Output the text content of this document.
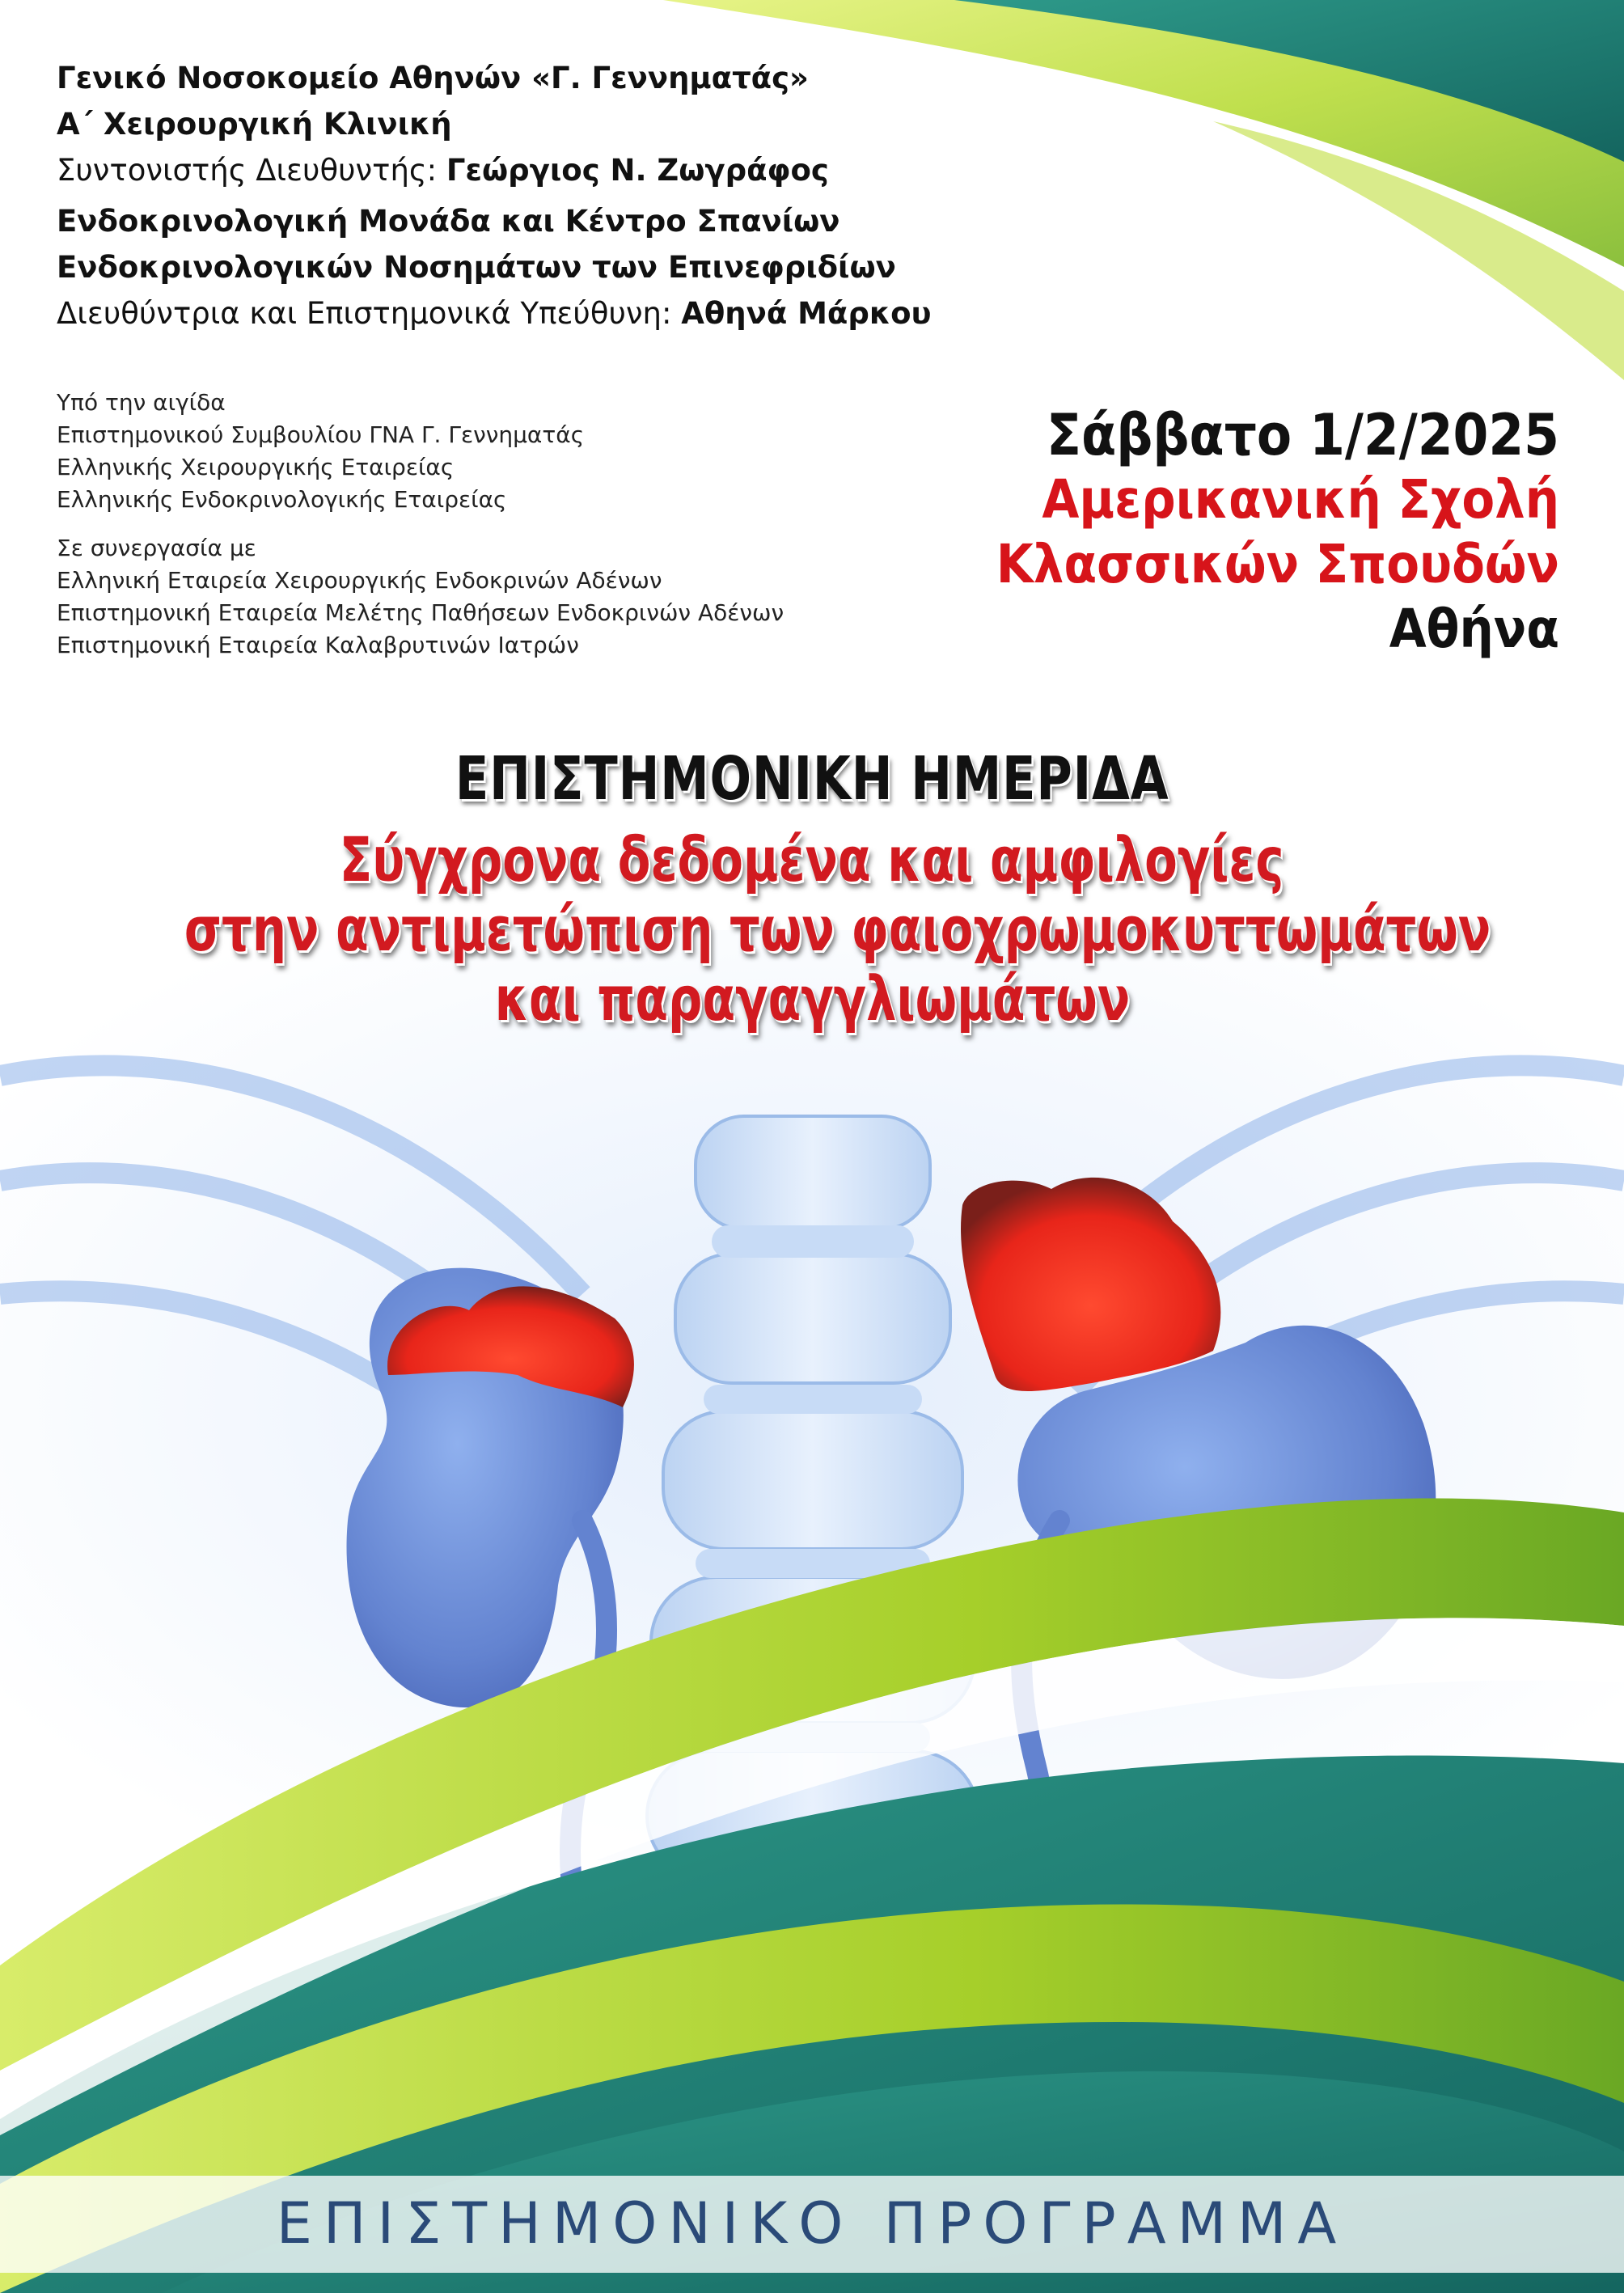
Γενικό Νοσοκομείο Αθηνών «Γ. Γεννηματάς»
Α΄ Χειρουργική Κλινική
Συντονιστής Διευθυντής: Γεώργιος Ν. Ζωγράφος
Ενδοκρινολογική Μονάδα και Κέντρο Σπανίων
Ενδοκρινολογικών Νοσημάτων των Επινεφριδίων
Διευθύντρια και Επιστημονικά Υπεύθυνη: Αθηνά Μάρκου
Υπό την αιγίδα
Επιστημονικού Συμβουλίου ΓΝΑ Γ. Γεννηματάς
Ελληνικής Χειρουργικής Εταιρείας
Ελληνικής Ενδοκρινολογικής Εταιρείας
Σε συνεργασία με
Ελληνική Εταιρεία Χειρουργικής Ενδοκρινών Αδένων
Επιστημονική Εταιρεία Μελέτης Παθήσεων Ενδοκρινών Αδένων
Επιστημονική Εταιρεία Καλαβρυτινών Ιατρών
Σάββατο 1/2/2025
Αμερικανική Σχολή
Κλασσικών Σπουδών
Αθήνα
ΕΠΙΣΤΗΜΟΝΙΚΗ ΗΜΕΡΙΔΑ
Σύγχρονα δεδομένα και αμφιλογίες
στην αντιμετώπιση των φαιοχρωμοκυττωμάτων
και παραγαγγλιωμάτων
ΕΠΙΣΤΗΜΟΝΙΚΟ ΠΡΟΓΡΑΜΜΑ
